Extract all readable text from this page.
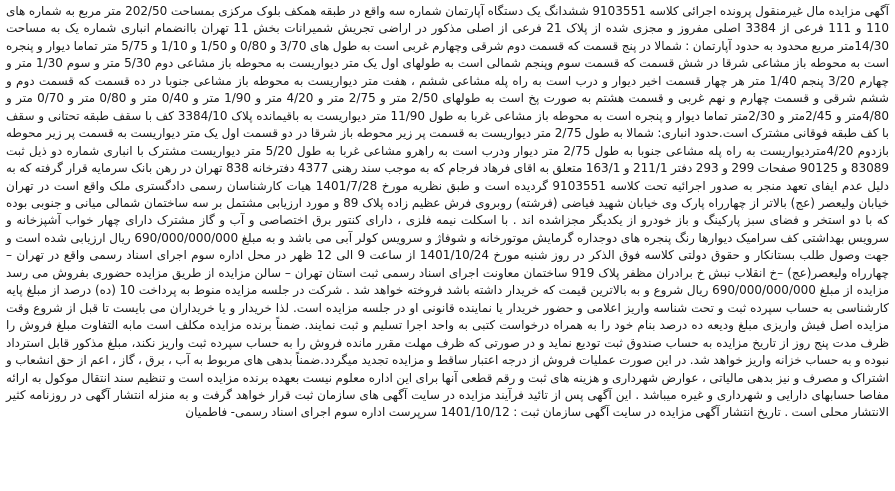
آگهی مزایده مال غیرمنقول پرونده اجرائی کلاسه 9103551 ششدانگ یک دستگاه آپارتمان شماره سه واقع در طبقه همکف بلوک مرکزی بمساحت 202/50 متر مربع به شماره های 110 و 111 فرعی از 3384 اصلی مفروز و مجزی شده از پلاک 21 فرعی از اصلی مذکور در اراضی تجریش شمیرانات بخش 11 تهران باانضمام انباری شماره یک به مساحت 14/30متر مربع محدود به حدود آپارتمان : شمالا در پنج قسمت که قسمت دوم شرقی وچهارم غربی است به طول های 3/70 و 0/80 و 1/50 و 1/10 و 5/75 متر تماما دیوار و پنجره است به محوطه باز مشاعی شرقا در شش قسمت که قسمت سوم وپنجم شمالی است به طولهای اول یک متر دیواریست به محوطه باز مشاعی دوم 5/30 متر و سوم 1/30 متر و چهارم 3/20 پنجم 1/40 متر هر چهار قسمت اخیر دیوار و درب است به راه پله مشاعی ششم ، هفت متر دیواریست به محوطه باز مشاعی جنوبا در ده قسمت که قسمت دوم و ششم شرقی و قسمت چهارم و نهم غربی و قسمت هشتم به صورت پخ است به طولهای 2/50 متر و 2/75 متر و 4/20 متر و 1/90 متر و 0/40 متر و 0/80 متر و 0/70 متر و 4/80متر و 2/45متر و 2/30متر تماما دیوار و پنجره است به محوطه باز مشاعی غربا به طول 11/90 متر دیواریست به باقیمانده پلاک 3384/10 کف با سقف طبقه تحتانی و سقف با کف طبقه فوقانی مشترک است.حدود انباری: شمالا به طول 2/75 متر دیواریست به قسمت پر زیر محوطه باز شرقا در دو قسمت اول یک متر دیواریست به قسمت پر زیر محوطه بازدوم 4/20متردیواریست به راه پله مشاعی جنوبا به طول 2/75 متر دیوار ودرب است به راهرو مشاعی غربا به طول 5/20 متر دیواریست مشترک با انباری شماره دو ذیل ثبت 83089 و 90125 صفحات 299 و 293 دفتر 211/1 و 163/1 متعلق به اقای فرهاد فرجام که به موجب سند رهنی 4377 دفترخانه 838 تهران در رهن بانک سرمایه قرار گرفته که به دلیل عدم ایفای تعهد منجر به صدور اجرائیه تحت کلاسه 9103551 گردیده است و طبق نظریه مورخ 1401/7/28 هیات کارشناسان رسمی دادگستری ملک واقع است در تهران خیابان ولیعصر (عج) بالاتر از چهارراه پارک وی خیابان شهید فیاضی (فرشته) روبروی فرش عظیم زاده پلاک 89 و مورد ارزیابی مشتمل بر سه ساختمان شمالی میانی و جنوبی بوده که با دو استخر و فضای سبز پارکینگ و باز خودرو از یکدیگر مجزاشده اند . با اسکلت نیمه فلزی ، دارای کنتور برق اختصاصی و آب و گاز مشترک دارای چهار خواب آشپزخانه و سرویس بهداشتی کف سرامیک دیوارها رنگ پنجره های دوجداره گرمایش موتورخانه و شوفاژ و سرویس کولر آبی می باشد و به مبلغ 690/000/000/000 ریال ارزیابی شده است و جهت وصول طلب بستانکار و حقوق دولتی کلاسه فوق الذکر در روز شنبه مورخ 1401/10/24 از ساعت 9 الی 12 ظهر در محل اداره سوم اجرای اسناد رسمی واقع در تهران – چهارراه ولیعصر(عج) –خ انقلاب نبش خ برادران مظفر پلاک 919 ساختمان معاونت اجرای اسناد رسمی ثبت استان تهران – سالن مزایده از طریق مزایده حضوری بفروش می رسد مزایده از مبلغ 690/000/000/000 ریال شروع و به بالاترین قیمت که خریدار داشته باشد فروخته خواهد شد . شرکت در جلسه مزایده منوط به پرداخت 10 (ده) درصد از مبلغ پایه کارشناسی به حساب سپرده ثبت و تحت شناسه واریز اعلامی و حضور خریدار یا نماینده قانونی او در جلسه مزایده است. لذا خریدار و یا خریداران می بایست تا قبل از شروع وقت مزایده اصل فیش واریزی مبلغ ودیعه ده درصد بنام خود را به همراه درخواست کتبی به واحد اجرا تسلیم و ثبت نمایند. ضمناً برنده مزایده مکلف است مابه التفاوت مبلغ فروش را ظرف مدت پنج روز از تاریخ مزایده به حساب صندوق ثبت تودیع نماید و در صورتی که ظرف مهلت مقرر مانده فروش را به حساب سپرده ثبت واریز نکند، مبلغ مذکور قابل استرداد نبوده و به حساب خزانه واریز خواهد شد. در این صورت عملیات فروش از درجه اعتبار ساقط و مزایده تجدید میگردد.ضمناً بدهی های مربوط به آب ، برق ، گاز ، اعم از حق انشعاب و اشتراک و مصرف و نیز بدهی مالیاتی ، عوارض شهرداری و هزینه های ثبت و رقم قطعی آنها برای این اداره معلوم نیست بعهده برنده مزایده است و تنظیم سند انتقال موکول به ارائه مفاصا حسابهای دارایی و شهرداری و غیره میباشد . این آگهی پس از تائید فرآیند مزایده در سایت آگهی های سازمان ثبت قرار خواهد گرفت و به منزله انتشار آگهی در روزنامه کثیر الانتشار محلی است . تاریخ انتشار آگهی مزایده در سایت آگهی سازمان ثبت : 1401/10/12 سرپرست اداره سوم اجرای اسناد رسمی- فاطمیان
